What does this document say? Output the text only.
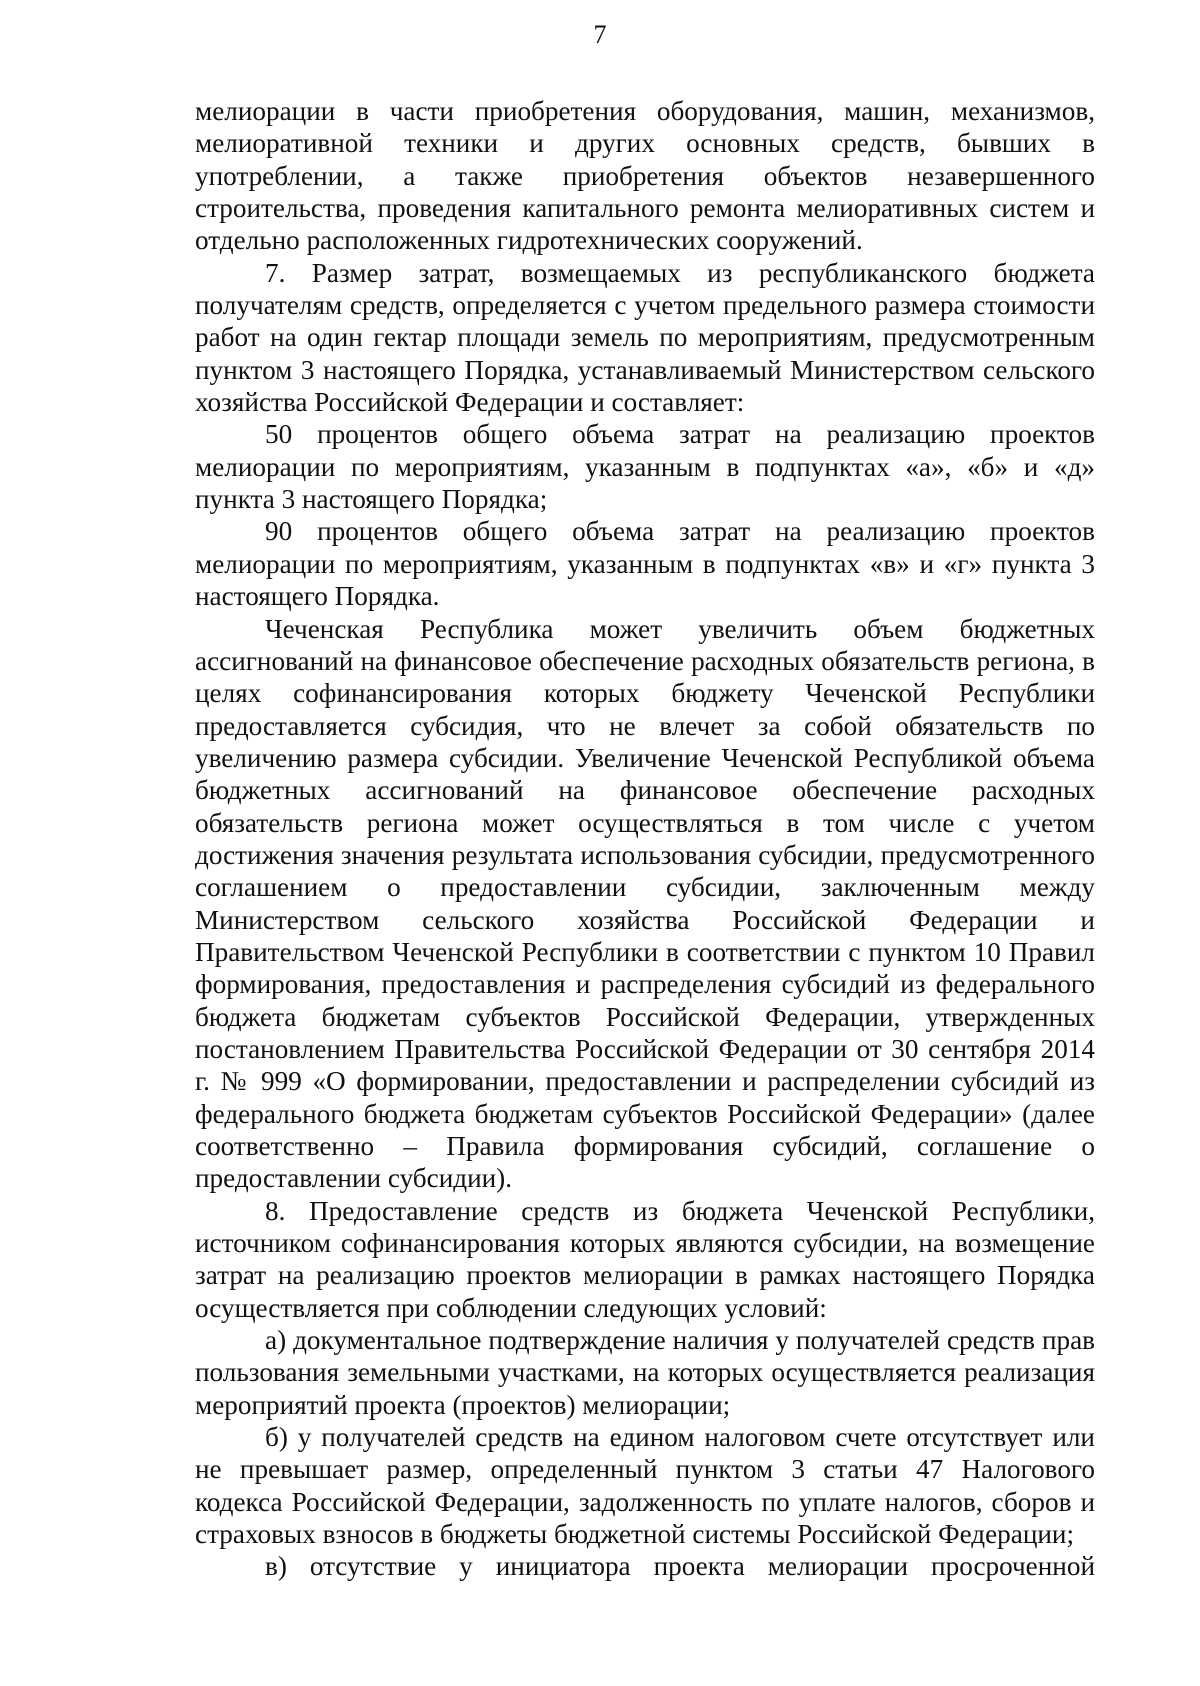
7

мелиорации в части приобретения оборудования, машин, механизмов, мелиоративной техники и других основных средств, бывших в употреблении, а также приобретения объектов незавершенного строительства, проведения капитального ремонта мелиоративных систем и отдельно расположенных гидротехнических сооружений.

7. Размер затрат, возмещаемых из республиканского бюджета получателям средств, определяется с учетом предельного размера стоимости работ на один гектар площади земель по мероприятиям, предусмотренным пунктом 3 настоящего Порядка, устанавливаемый Министерством сельского хозяйства Российской Федерации и составляет:

50 процентов общего объема затрат на реализацию проектов мелиорации по мероприятиям, указанным в подпунктах «а», «б» и «д» пункта 3 настоящего Порядка;

90 процентов общего объема затрат на реализацию проектов мелиорации по мероприятиям, указанным в подпунктах «в» и «г» пункта 3 настоящего Порядка.

Чеченская Республика может увеличить объем бюджетных ассигнований на финансовое обеспечение расходных обязательств региона, в целях софинансирования которых бюджету Чеченской Республики предоставляется субсидия, что не влечет за собой обязательств по увеличению размера субсидии. Увеличение Чеченской Республикой объема бюджетных ассигнований на финансовое обеспечение расходных обязательств региона может осуществляться в том числе с учетом достижения значения результата использования субсидии, предусмотренного соглашением о предоставлении субсидии, заключенным между Министерством сельского хозяйства Российской Федерации и Правительством Чеченской Республики в соответствии с пунктом 10 Правил формирования, предоставления и распределения субсидий из федерального бюджета бюджетам субъектов Российской Федерации, утвержденных постановлением Правительства Российской Федерации от 30 сентября 2014 г. № 999 «О формировании, предоставлении и распределении субсидий из федерального бюджета бюджетам субъектов Российской Федерации» (далее соответственно – Правила формирования субсидий, соглашение о предоставлении субсидии).

8. Предоставление средств из бюджета Чеченской Республики, источником софинансирования которых являются субсидии, на возмещение затрат на реализацию проектов мелиорации в рамках настоящего Порядка осуществляется при соблюдении следующих условий:

а) документальное подтверждение наличия у получателей средств прав пользования земельными участками, на которых осуществляется реализация мероприятий проекта (проектов) мелиорации;

б) у получателей средств на едином налоговом счете отсутствует или не превышает размер, определенный пунктом 3 статьи 47 Налогового кодекса Российской Федерации, задолженность по уплате налогов, сборов и страховых взносов в бюджеты бюджетной системы Российской Федерации;

в) отсутствие у инициатора проекта мелиорации просроченной
